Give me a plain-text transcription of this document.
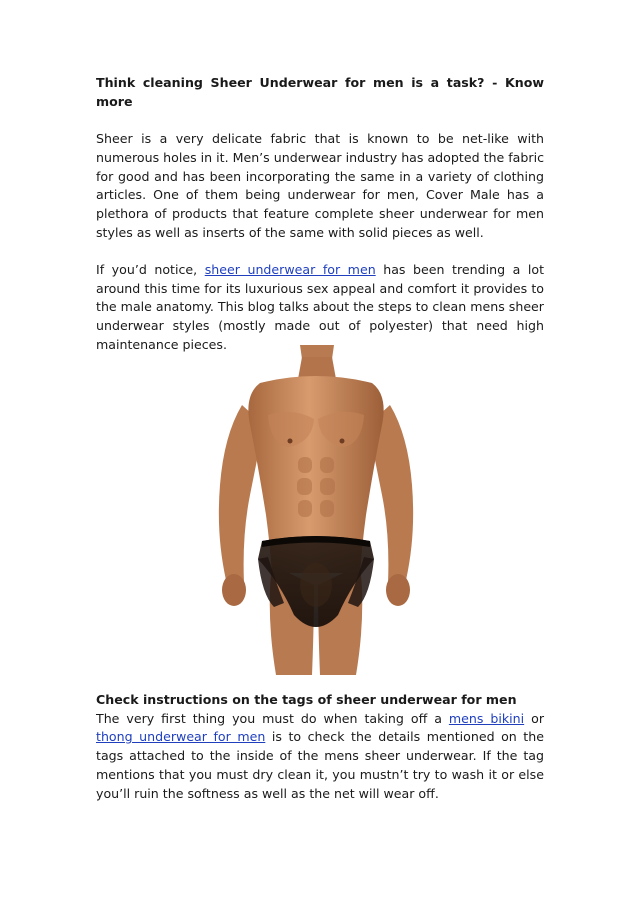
Think cleaning Sheer Underwear for men is a task? - Know more

Sheer is a very delicate fabric that is known to be net-like with numerous holes in it. Men’s underwear industry has adopted the fabric for good and has been incorporating the same in a variety of clothing articles. One of them being underwear for men, Cover Male has a plethora of products that feature complete sheer underwear for men styles as well as inserts of the same with solid pieces as well.

If you’d notice, sheer underwear for men has been trending a lot around this time for its luxurious sex appeal and comfort it provides to the male anatomy. This blog talks about the steps to clean mens sheer underwear styles (mostly made out of polyester) that need high maintenance pieces.

Check instructions on the tags of sheer underwear for men

The very first thing you must do when taking off a mens bikini or thong underwear for men is to check the details mentioned on the tags attached to the inside of the mens sheer underwear. If the tag mentions that you must dry clean it, you mustn’t try to wash it or else you’ll ruin the softness as well as the net will wear off.
